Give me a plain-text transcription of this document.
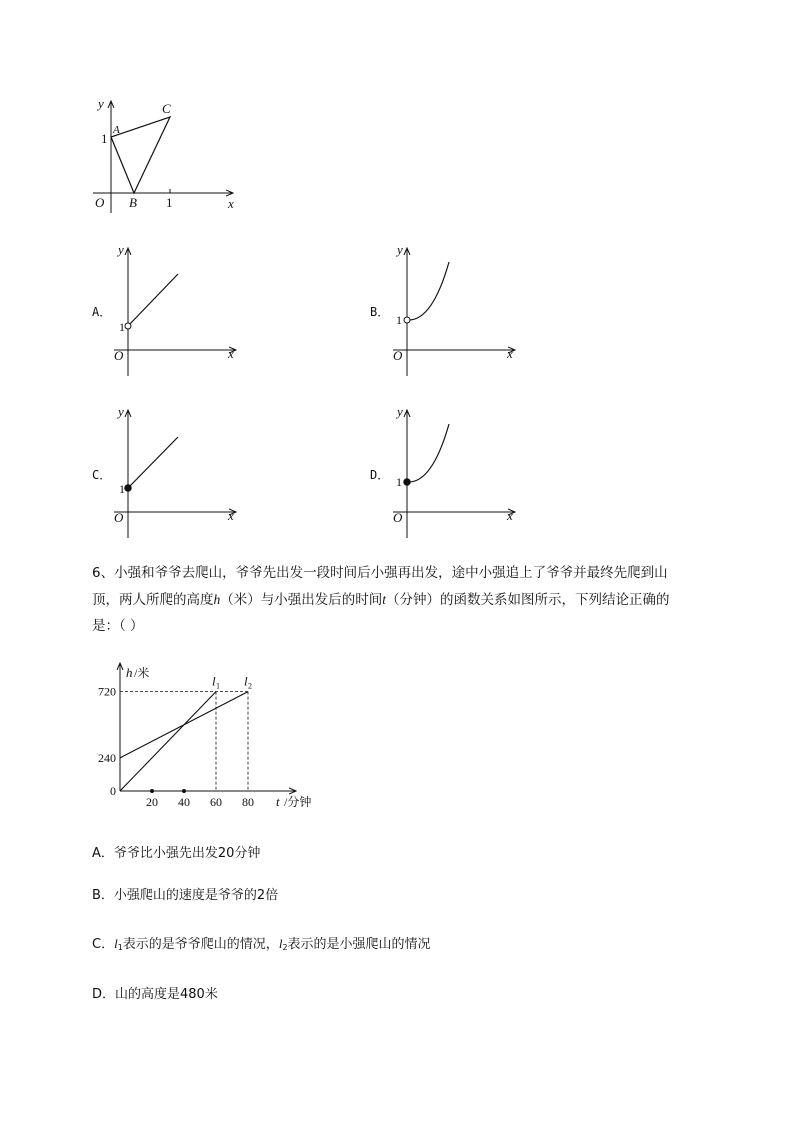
y
x
O
A
B
C
1
1
A．
y
x
O
1
B．
y
x
O
1
C．
y
x
O
1
D．
y
x
O
1
6、小强和爷爷去爬山，爷爷先出发一段时间后小强再出发，途中小强追上了爷爷并最终先爬到山
顶，两人所爬的高度h（米）与小强出发后的时间t（分钟）的函数关系如图所示，下列结论正确的
是：（ ）
h /米
t /分钟
720
240
0
20 40 60 80
l 1 l 2
A．爷爷比小强先出发20分钟
B．小强爬山的速度是爷爷的2倍
C．$l_1$表示的是爷爷爬山的情况，$l_2$表示的是小强爬山的情况
D．山的高度是480米
